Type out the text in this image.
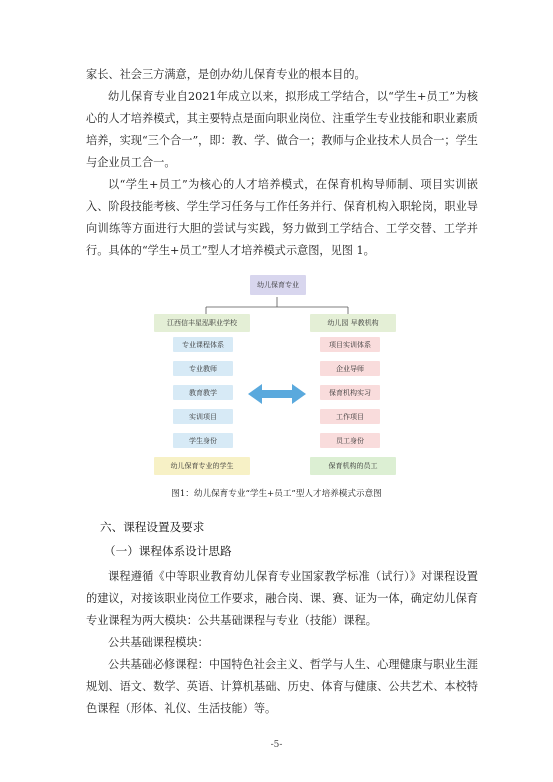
家长、社会三方满意，是创办幼儿保育专业的根本目的。

幼儿保育专业自2021年成立以来，拟形成工学结合，以“学生+员工”为核心的人才培养模式，其主要特点是面向职业岗位、注重学生专业技能和职业素质培养，实现“三个合一”，即：教、学、做合一；教师与企业技术人员合一；学生与企业员工合一。

以“学生+员工”为核心的人才培养模式，在保育机构导师制、项目实训嵌入、阶段技能考核、学生学习任务与工作任务并行、保育机构入职轮岗，职业导向训练等方面进行大胆的尝试与实践，努力做到工学结合、工学交替、工学并行。具体的“学生+员工”型人才培养模式示意图，见图 1。

幼儿保育专业
江西信丰星泓职业学校	幼儿园 早教机构
专业课程体系
专业教师
教育教学
实训项目
学生身份
项目实训体系
企业导师
保育机构实习
工作项目
员工身份
幼儿保育专业的学生	保育机构的员工

图1：幼儿保育专业“学生+员工”型人才培养模式示意图

六、课程设置及要求

（一）课程体系设计思路

课程遵循《中等职业教育幼儿保育专业国家教学标准（试行）》对课程设置的建议，对接该职业岗位工作要求，融合岗、课、赛、证为一体，确定幼儿保育专业课程为两大模块：公共基础课程与专业（技能）课程。

公共基础课程模块：

公共基础必修课程：中国特色社会主义、哲学与人生、心理健康与职业生涯规划、语文、数学、英语、计算机基础、历史、体育与健康、公共艺术、本校特色课程（形体、礼仪、生活技能）等。

-5-
